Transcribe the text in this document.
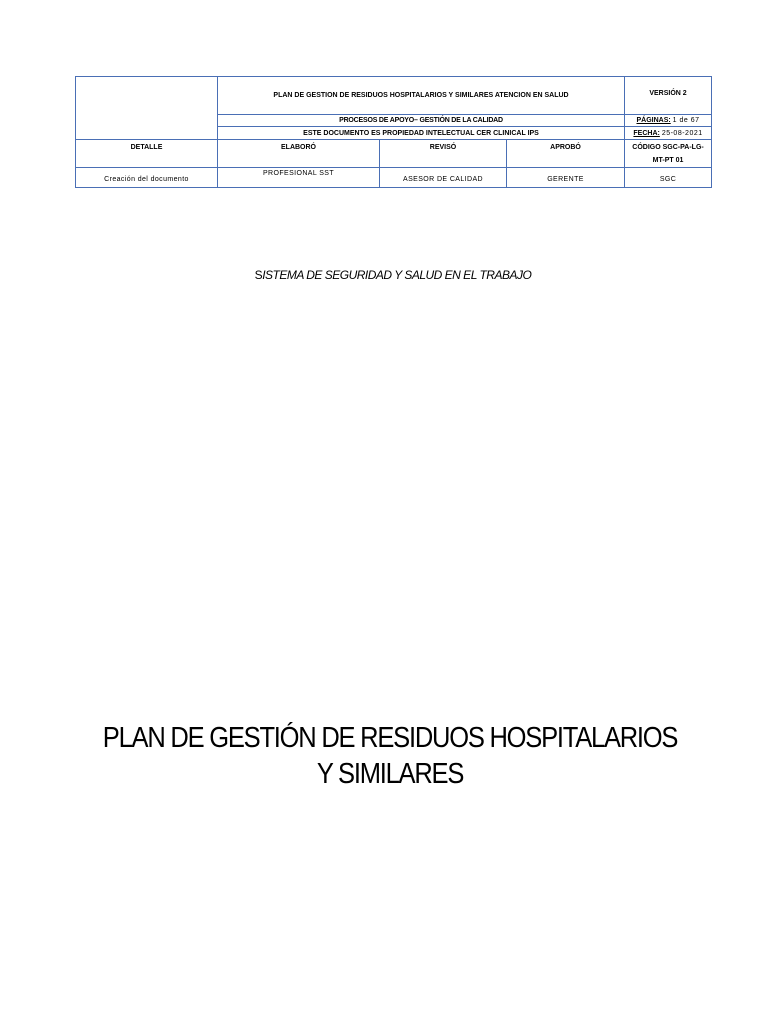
	PLAN DE GESTION DE RESIDUOS HOSPITALARIOS Y SIMILARES ATENCION EN SALUD			VERSIÓN 2
	PROCESOS DE APOYO– GESTIÓN DE LA CALIDAD			PÁGINAS: 1 de 67
	ESTE DOCUMENTO ES PROPIEDAD INTELECTUAL CER CLINICAL IPS			FECHA: 25-08-2021
DETALLE	ELABORÓ	REVISÓ	APROBÓ	CÓDIGO SGC-PA-LG-MT-PT 01
Creación del documento	PROFESIONAL SST	ASESOR DE CALIDAD	GERENTE	SGC
SISTEMA DE SEGURIDAD Y SALUD EN EL TRABAJO
PLAN DE GESTIÓN DE RESIDUOS HOSPITALARIOS
Y SIMILARES
